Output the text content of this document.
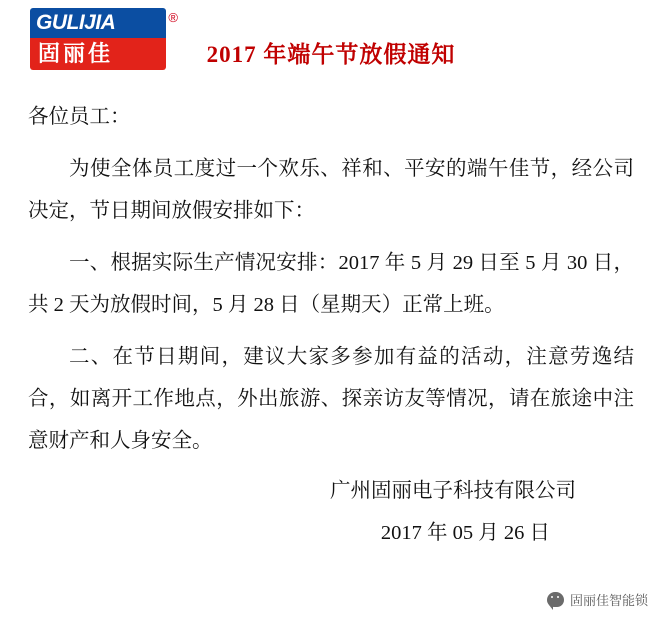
GULIJIA
固丽佳
®
2017 年端午节放假通知

各位员工：

为使全体员工度过一个欢乐、祥和、平安的端午佳节，经公司决定，节日期间放假安排如下：

一、根据实际生产情况安排：2017 年 5 月 29 日至 5 月 30 日，共 2 天为放假时间，5 月 28 日（星期天）正常上班。

二、在节日期间，建议大家多参加有益的活动，注意劳逸结合，如离开工作地点，外出旅游、探亲访友等情况，请在旅途中注意财产和人身安全。

广州固丽电子科技有限公司
2017 年 05 月 26 日
固丽佳智能锁
